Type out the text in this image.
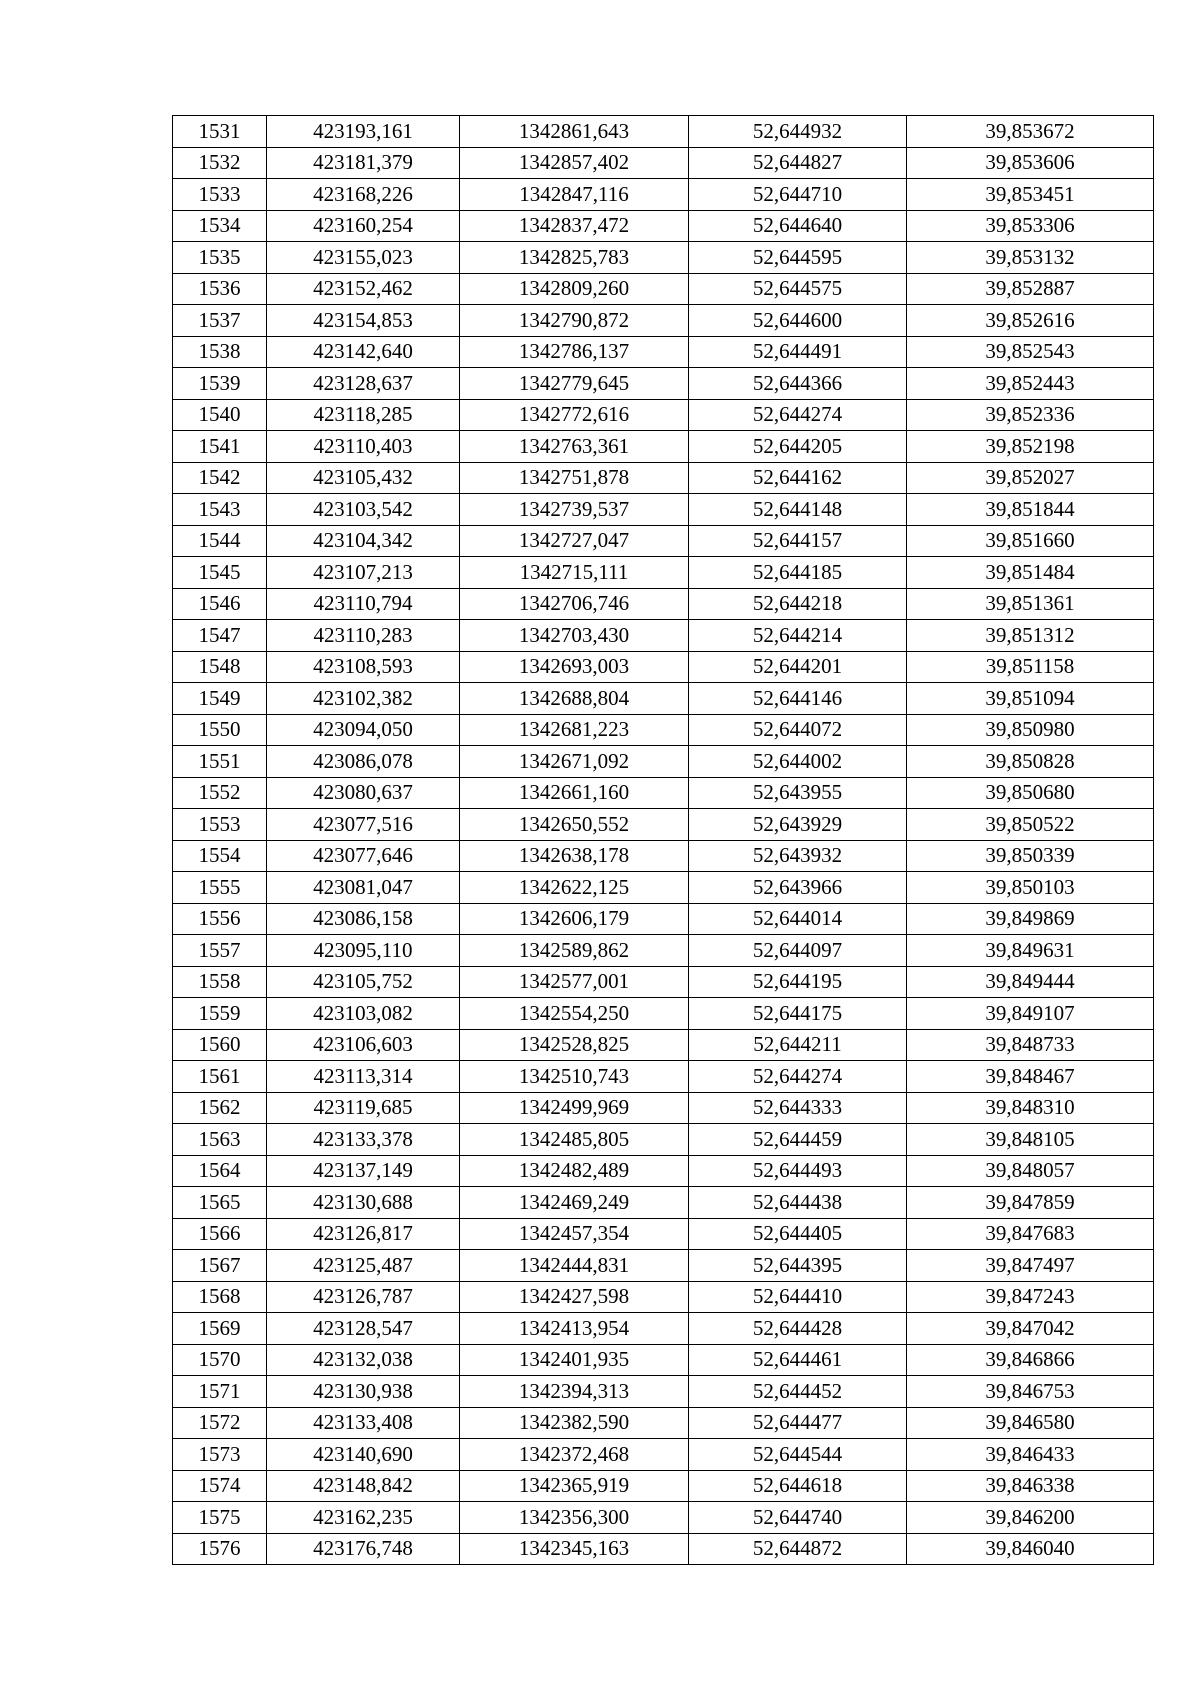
1531	423193,161	1342861,643	52,644932	39,853672
1532	423181,379	1342857,402	52,644827	39,853606
1533	423168,226	1342847,116	52,644710	39,853451
1534	423160,254	1342837,472	52,644640	39,853306
1535	423155,023	1342825,783	52,644595	39,853132
1536	423152,462	1342809,260	52,644575	39,852887
1537	423154,853	1342790,872	52,644600	39,852616
1538	423142,640	1342786,137	52,644491	39,852543
1539	423128,637	1342779,645	52,644366	39,852443
1540	423118,285	1342772,616	52,644274	39,852336
1541	423110,403	1342763,361	52,644205	39,852198
1542	423105,432	1342751,878	52,644162	39,852027
1543	423103,542	1342739,537	52,644148	39,851844
1544	423104,342	1342727,047	52,644157	39,851660
1545	423107,213	1342715,111	52,644185	39,851484
1546	423110,794	1342706,746	52,644218	39,851361
1547	423110,283	1342703,430	52,644214	39,851312
1548	423108,593	1342693,003	52,644201	39,851158
1549	423102,382	1342688,804	52,644146	39,851094
1550	423094,050	1342681,223	52,644072	39,850980
1551	423086,078	1342671,092	52,644002	39,850828
1552	423080,637	1342661,160	52,643955	39,850680
1553	423077,516	1342650,552	52,643929	39,850522
1554	423077,646	1342638,178	52,643932	39,850339
1555	423081,047	1342622,125	52,643966	39,850103
1556	423086,158	1342606,179	52,644014	39,849869
1557	423095,110	1342589,862	52,644097	39,849631
1558	423105,752	1342577,001	52,644195	39,849444
1559	423103,082	1342554,250	52,644175	39,849107
1560	423106,603	1342528,825	52,644211	39,848733
1561	423113,314	1342510,743	52,644274	39,848467
1562	423119,685	1342499,969	52,644333	39,848310
1563	423133,378	1342485,805	52,644459	39,848105
1564	423137,149	1342482,489	52,644493	39,848057
1565	423130,688	1342469,249	52,644438	39,847859
1566	423126,817	1342457,354	52,644405	39,847683
1567	423125,487	1342444,831	52,644395	39,847497
1568	423126,787	1342427,598	52,644410	39,847243
1569	423128,547	1342413,954	52,644428	39,847042
1570	423132,038	1342401,935	52,644461	39,846866
1571	423130,938	1342394,313	52,644452	39,846753
1572	423133,408	1342382,590	52,644477	39,846580
1573	423140,690	1342372,468	52,644544	39,846433
1574	423148,842	1342365,919	52,644618	39,846338
1575	423162,235	1342356,300	52,644740	39,846200
1576	423176,748	1342345,163	52,644872	39,846040
